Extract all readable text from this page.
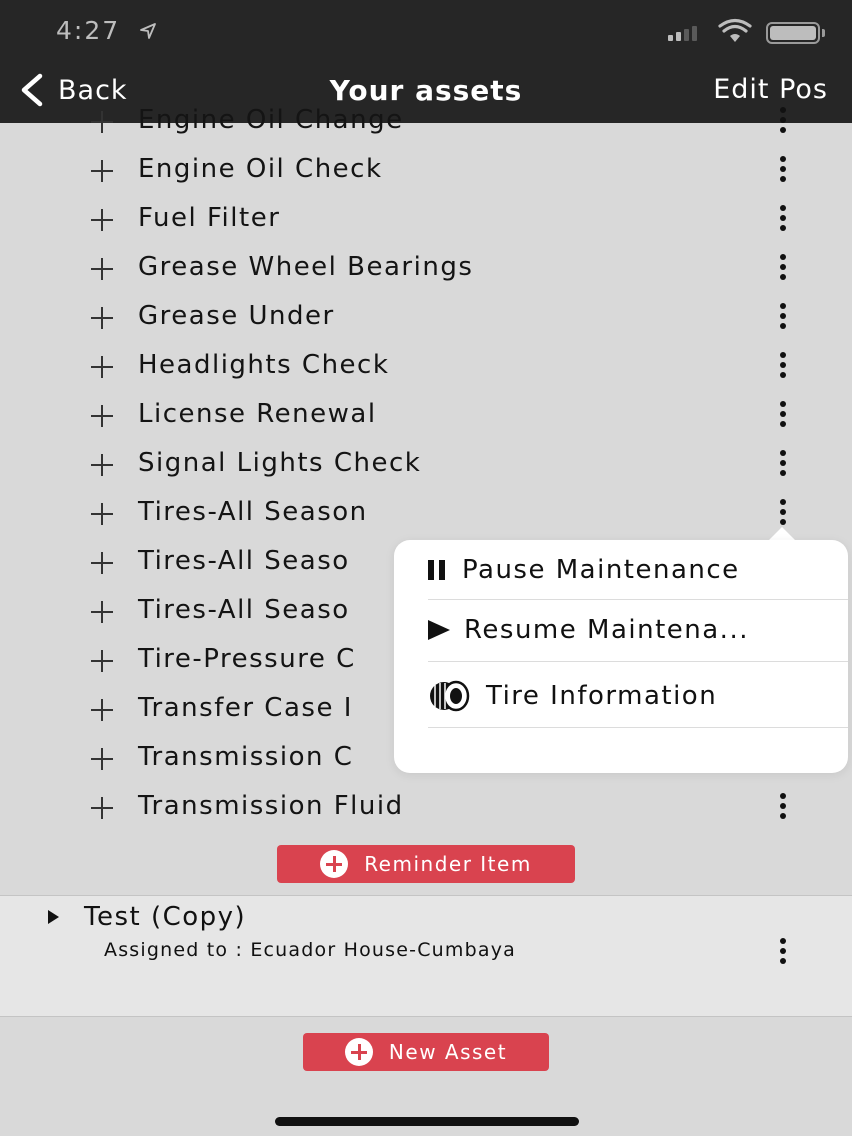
4:27
Back	Your assets	Edit Pos
Engine Oil Change
Engine Oil Check
Fuel Filter
Grease Wheel Bearings
Grease Under
Headlights Check
License Renewal
Signal Lights Check
Tires-All Season
Tires-All Seaso
Tires-All Seaso
Tire-Pressure C
Transfer Case I
Transmission C
Transmission Fluid
Reminder Item
Test (Copy)
Assigned to : Ecuador House-Cumbaya
New Asset
Pause Maintenance
Resume Maintena...
Tire Information
